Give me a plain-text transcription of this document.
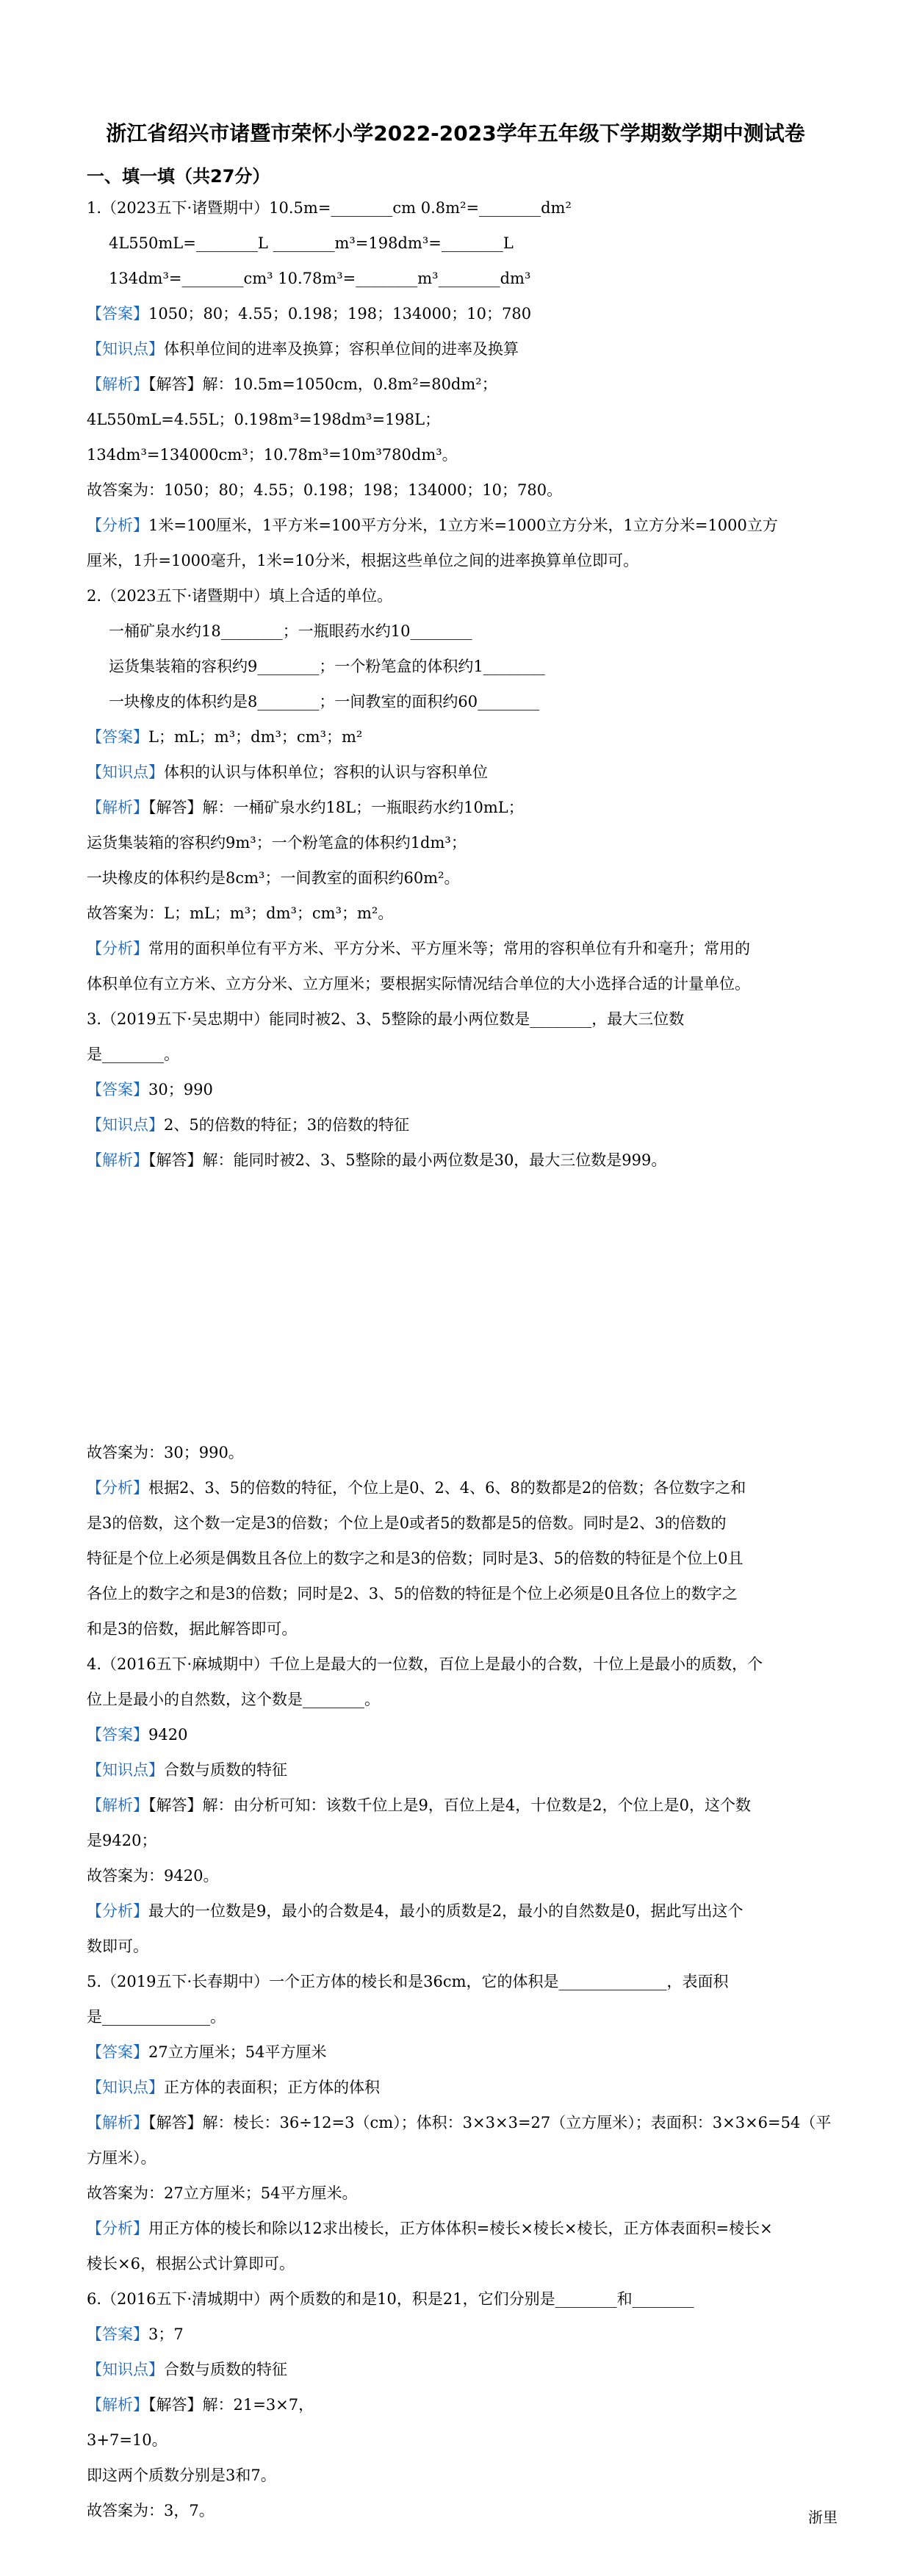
浙江省绍兴市诸暨市荣怀小学2022-2023学年五年级下学期数学期中测试卷
一、填一填（共27分）
1.（2023五下·诸暨期中）10.5m=________cm 0.8m²=________dm²
4L550mL=________L ________m³=198dm³=________L
134dm³=________cm³ 10.78m³=________m³________dm³
【答案】1050；80；4.55；0.198；198；134000；10；780
【知识点】体积单位间的进率及换算；容积单位间的进率及换算
【解析】【解答】解：10.5m=1050cm，0.8m²=80dm²；
4L550mL=4.55L；0.198m³=198dm³=198L；
134dm³=134000cm³；10.78m³=10m³780dm³。
故答案为：1050；80；4.55；0.198；198；134000；10；780。
【分析】1米=100厘米，1平方米=100平方分米，1立方米=1000立方分米，1立方分米=1000立方
厘米，1升=1000毫升，1米=10分米，根据这些单位之间的进率换算单位即可。
2.（2023五下·诸暨期中）填上合适的单位。
一桶矿泉水约18________；一瓶眼药水约10________
运货集装箱的容积约9________；一个粉笔盒的体积约1________
一块橡皮的体积约是8________；一间教室的面积约60________
【答案】L；mL；m³；dm³；cm³；m²
【知识点】体积的认识与体积单位；容积的认识与容积单位
【解析】【解答】解：一桶矿泉水约18L；一瓶眼药水约10mL；
运货集装箱的容积约9m³；一个粉笔盒的体积约1dm³；
一块橡皮的体积约是8cm³；一间教室的面积约60m²。
故答案为：L；mL；m³；dm³；cm³；m²。
【分析】常用的面积单位有平方米、平方分米、平方厘米等；常用的容积单位有升和毫升；常用的
体积单位有立方米、立方分米、立方厘米；要根据实际情况结合单位的大小选择合适的计量单位。
3.（2019五下·吴忠期中）能同时被2、3、5整除的最小两位数是________，最大三位数
是________。
【答案】30；990
【知识点】2、5的倍数的特征；3的倍数的特征
【解析】【解答】解：能同时被2、3、5整除的最小两位数是30，最大三位数是999。
故答案为：30；990。
【分析】根据2、3、5的倍数的特征，个位上是0、2、4、6、8的数都是2的倍数；各位数字之和
是3的倍数，这个数一定是3的倍数；个位上是0或者5的数都是5的倍数。同时是2、3的倍数的
特征是个位上必须是偶数且各位上的数字之和是3的倍数；同时是3、5的倍数的特征是个位上0且
各位上的数字之和是3的倍数；同时是2、3、5的倍数的特征是个位上必须是0且各位上的数字之
和是3的倍数，据此解答即可。
4.（2016五下·麻城期中）千位上是最大的一位数，百位上是最小的合数，十位上是最小的质数，个
位上是最小的自然数，这个数是________。
【答案】9420
【知识点】合数与质数的特征
【解析】【解答】解：由分析可知：该数千位上是9，百位上是4，十位数是2，个位上是0，这个数
是9420；
故答案为：9420。
【分析】最大的一位数是9，最小的合数是4，最小的质数是2，最小的自然数是0，据此写出这个
数即可。
5.（2019五下·长春期中）一个正方体的棱长和是36cm，它的体积是______________，表面积
是______________。
【答案】27立方厘米；54平方厘米
【知识点】正方体的表面积；正方体的体积
【解析】【解答】解：棱长：36÷12=3（cm）；体积：3×3×3=27（立方厘米）；表面积：3×3×6=54（平
方厘米）。
故答案为：27立方厘米；54平方厘米。
【分析】用正方体的棱长和除以12求出棱长，正方体体积=棱长×棱长×棱长，正方体表面积=棱长×
棱长×6，根据公式计算即可。
6.（2016五下·清城期中）两个质数的和是10，积是21，它们分别是________和________
【答案】3；7
【知识点】合数与质数的特征
【解析】【解答】解：21=3×7，
3+7=10。
即这两个质数分别是3和7。
故答案为：3，7。	浙里
